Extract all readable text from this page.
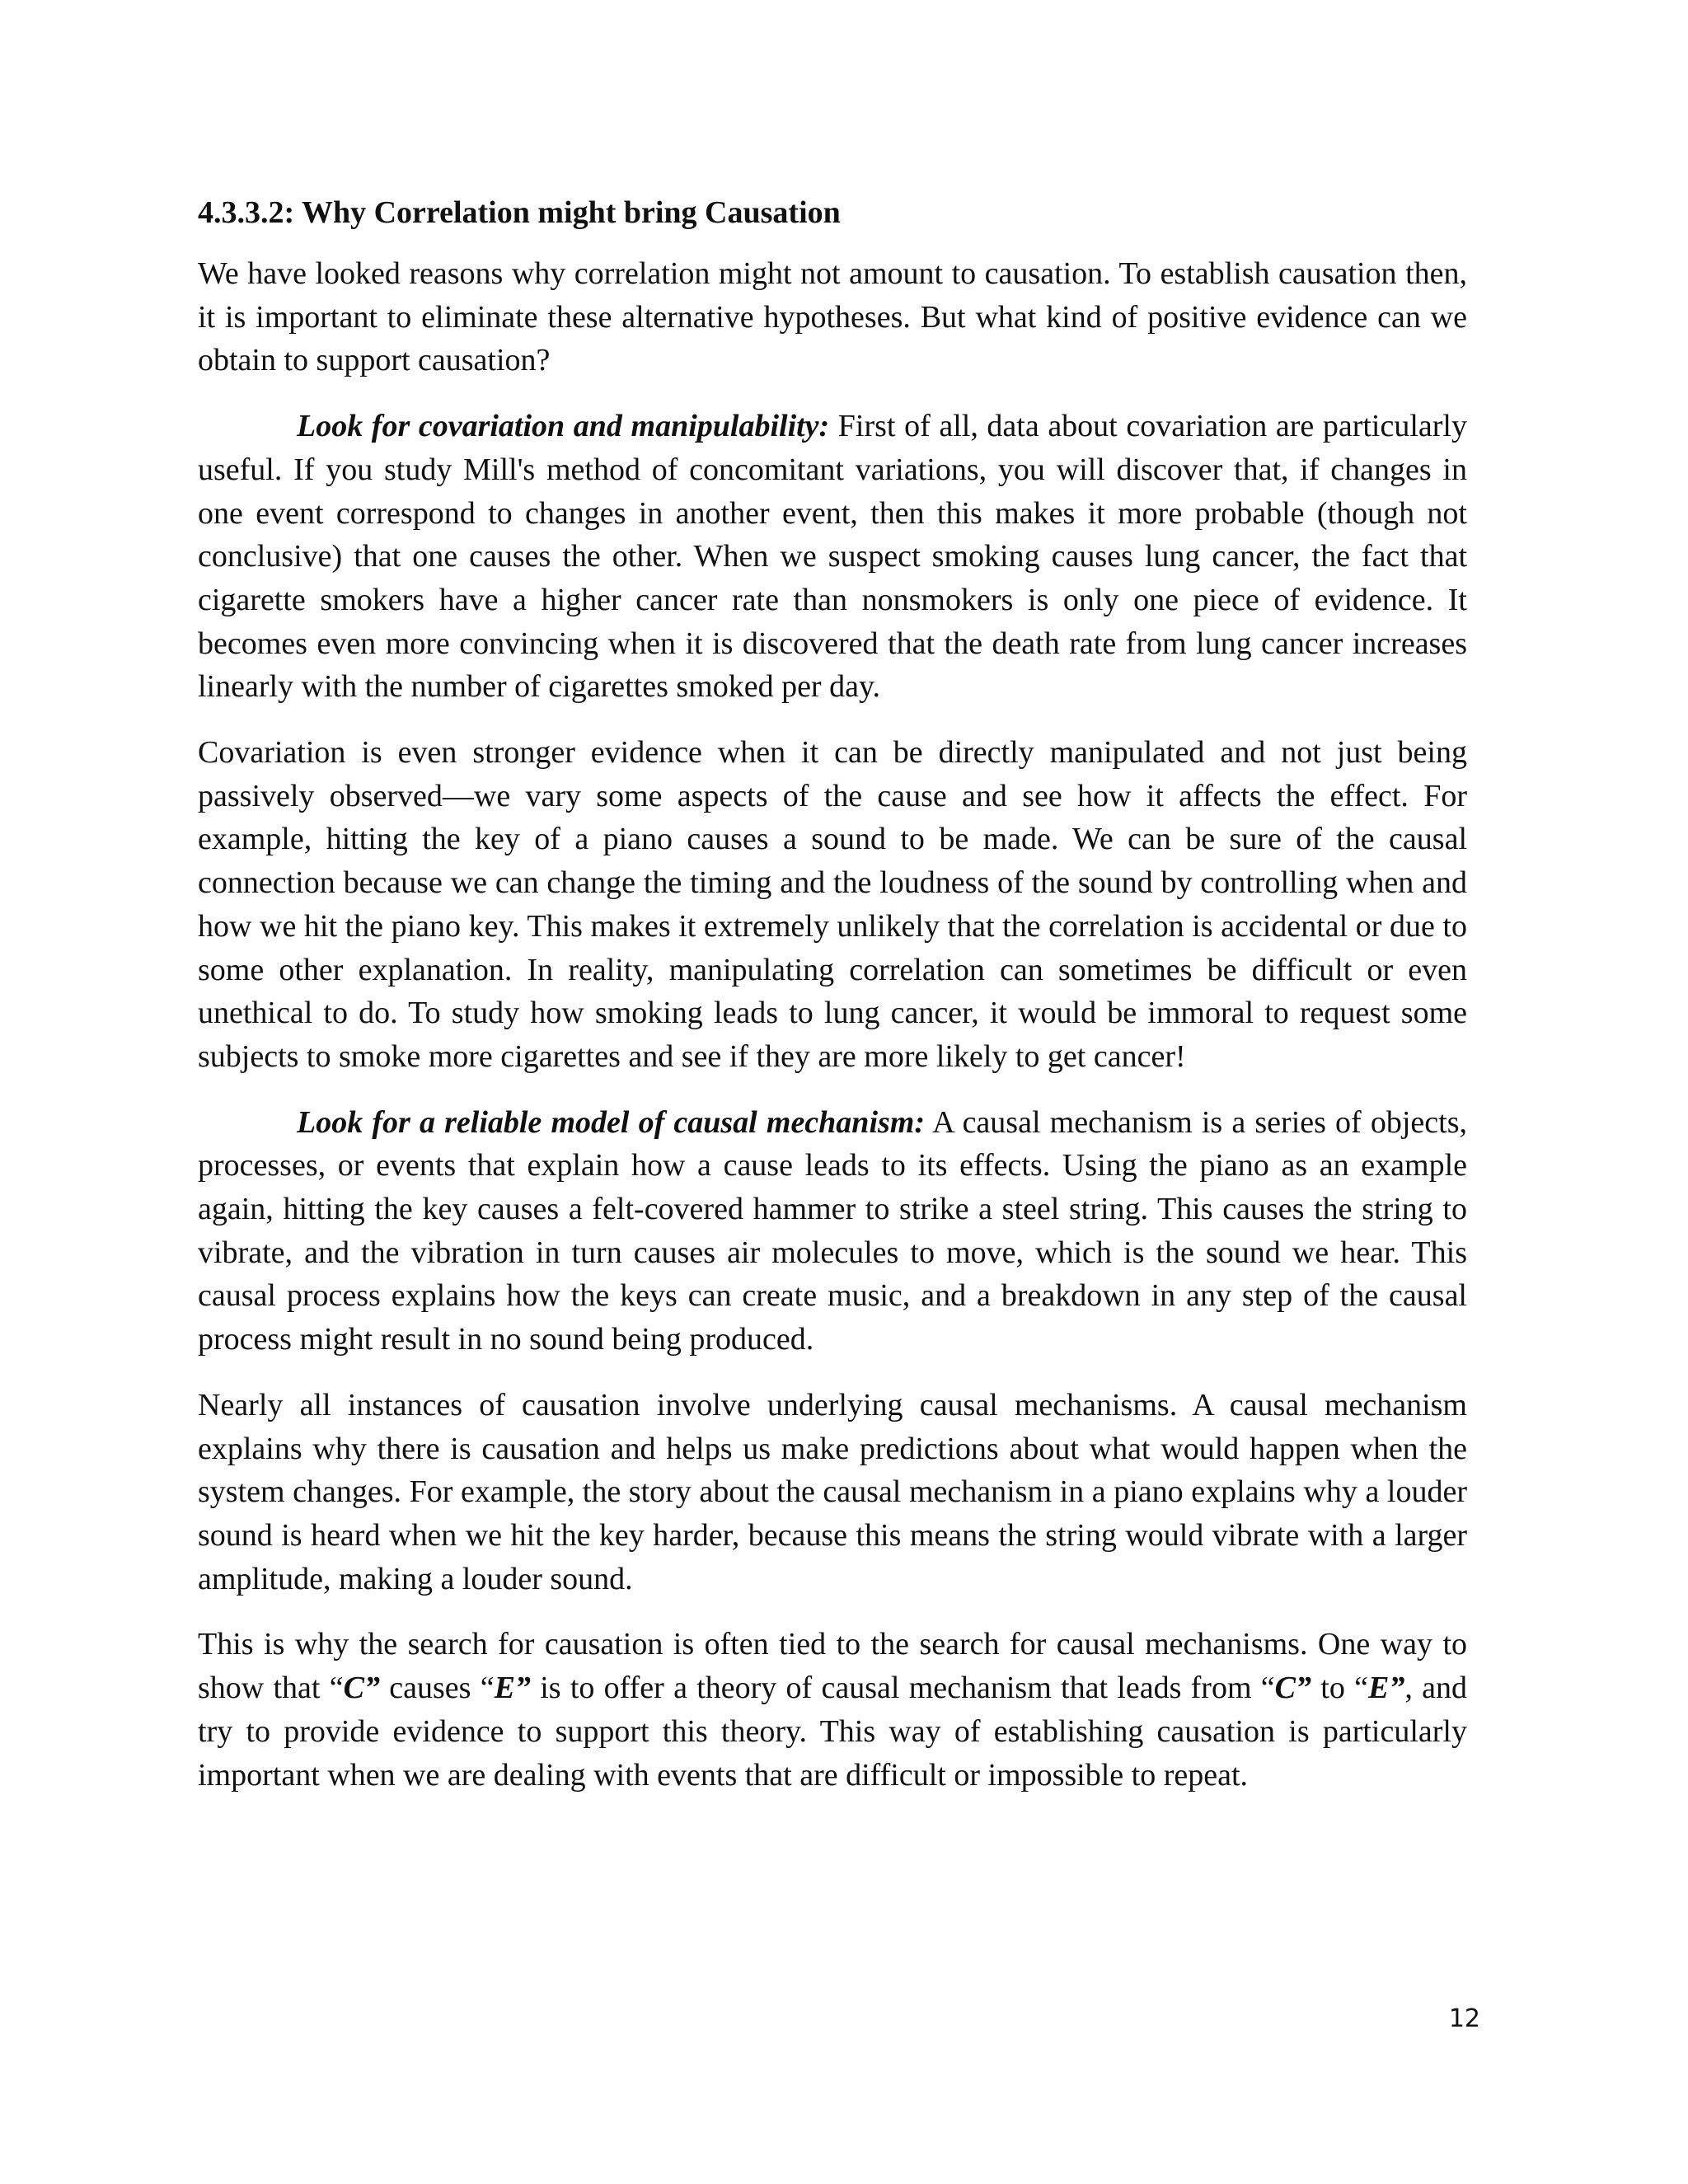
4.3.3.2: Why Correlation might bring Causation

We have looked reasons why correlation might not amount to causation. To establish causation then, it is important to eliminate these alternative hypotheses. But what kind of positive evidence can we obtain to support causation?

Look for covariation and manipulability: First of all, data about covariation are particularly useful. If you study Mill's method of concomitant variations, you will discover that, if changes in one event correspond to changes in another event, then this makes it more probable (though not conclusive) that one causes the other. When we suspect smoking causes lung cancer, the fact that cigarette smokers have a higher cancer rate than nonsmokers is only one piece of evidence. It becomes even more convincing when it is discovered that the death rate from lung cancer increases linearly with the number of cigarettes smoked per day.

Covariation is even stronger evidence when it can be directly manipulated and not just being passively observed—we vary some aspects of the cause and see how it affects the effect. For example, hitting the key of a piano causes a sound to be made. We can be sure of the causal connection because we can change the timing and the loudness of the sound by controlling when and how we hit the piano key. This makes it extremely unlikely that the correlation is accidental or due to some other explanation. In reality, manipulating correlation can sometimes be difficult or even unethical to do. To study how smoking leads to lung cancer, it would be immoral to request some subjects to smoke more cigarettes and see if they are more likely to get cancer!

Look for a reliable model of causal mechanism: A causal mechanism is a series of objects, processes, or events that explain how a cause leads to its effects. Using the piano as an example again, hitting the key causes a felt-covered hammer to strike a steel string. This causes the string to vibrate, and the vibration in turn causes air molecules to move, which is the sound we hear. This causal process explains how the keys can create music, and a breakdown in any step of the causal process might result in no sound being produced.

Nearly all instances of causation involve underlying causal mechanisms. A causal mechanism explains why there is causation and helps us make predictions about what would happen when the system changes. For example, the story about the causal mechanism in a piano explains why a louder sound is heard when we hit the key harder, because this means the string would vibrate with a larger amplitude, making a louder sound.

This is why the search for causation is often tied to the search for causal mechanisms. One way to show that “C” causes “E” is to offer a theory of causal mechanism that leads from “C” to “E”, and try to provide evidence to support this theory. This way of establishing causation is particularly important when we are dealing with events that are difficult or impossible to repeat.

12
